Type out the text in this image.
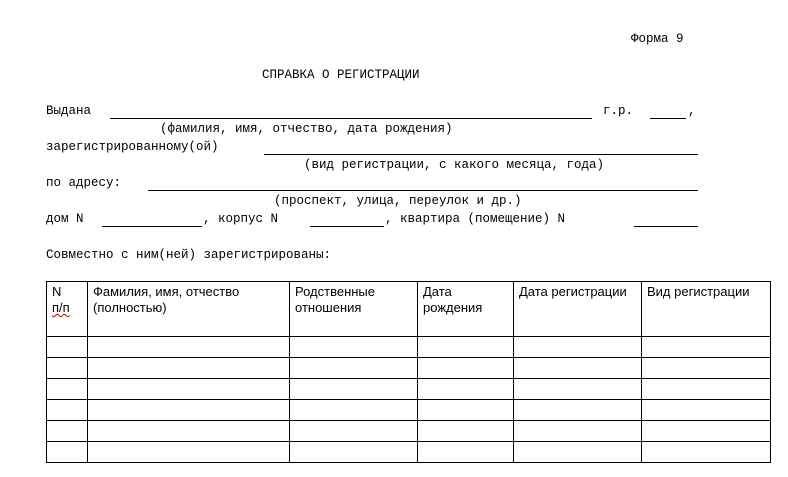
Форма 9
СПРАВКА О РЕГИСТРАЦИИ
Выдана	г.р.	,
(фамилия, имя, отчество, дата рождения)
зарегистрированному(ой)
(вид регистрации, с какого месяца, года)
по адресу:
(проспект, улица, переулок и др.)
дом N	, корпус N	, квартира (помещение) N
Совместно с ним(ней) зарегистрированы:
N
п/п	Фамилия, имя, отчество (полностью)	Родственные отношения	Дата рождения	Дата регистрации	Вид регистрации
